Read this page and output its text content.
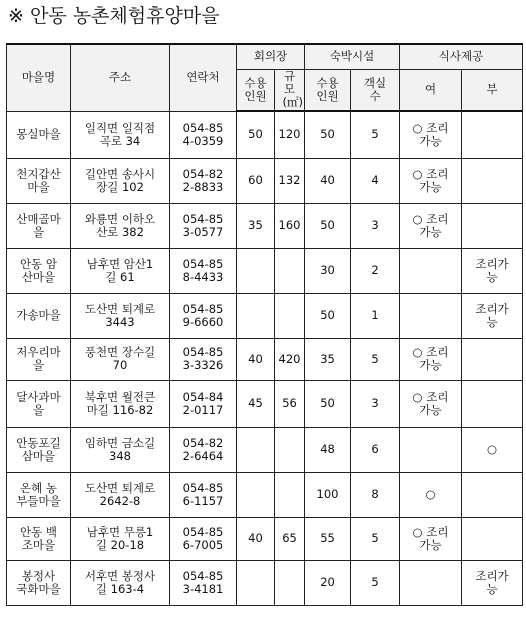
※ 안동 농촌체험휴양마을
마을명	주소	연락처	회의장		숙박시설		식사제공	

			수용인원	규모(㎡)	수용인원	객실수	여	부

몽실마을	일직면 일직점곡로 34	054-854-0359	50	120	50	5	○ 조리가능	

천지갑산마을	길안면 송사시장길 102	054-822-8833	60	132	40	4	○ 조리가능	

산매골마을	와룡면 이하오산로 382	054-853-0577	35	160	50	3	○ 조리가능	

안동 암산마을	남후면 암산1길 61	054-858-4433			30	2		조리가능

가송마을	도산면 퇴계로 3443	054-859-6660			50	1		조리가능

저우리마을	풍천면 장수길 70	054-853-3326	40	420	35	5	○ 조리가능	

달사과마을	북후면 월전큰마길 116-82	054-842-0117	45	56	50	3	○ 조리가능	

안동포길삼마을	임하면 금소길 348	054-822-6464			48	6		○

온혜 농부들마을	도산면 퇴계로 2642-8	054-856-1157			100	8	○	

안동 백조마을	남후면 무릉1길 20-18	054-856-7005	40	65	55	5	○ 조리가능	

봉정사 국화마을	서후면 봉정사길 163-4	054-853-4181			20	5		조리가능
